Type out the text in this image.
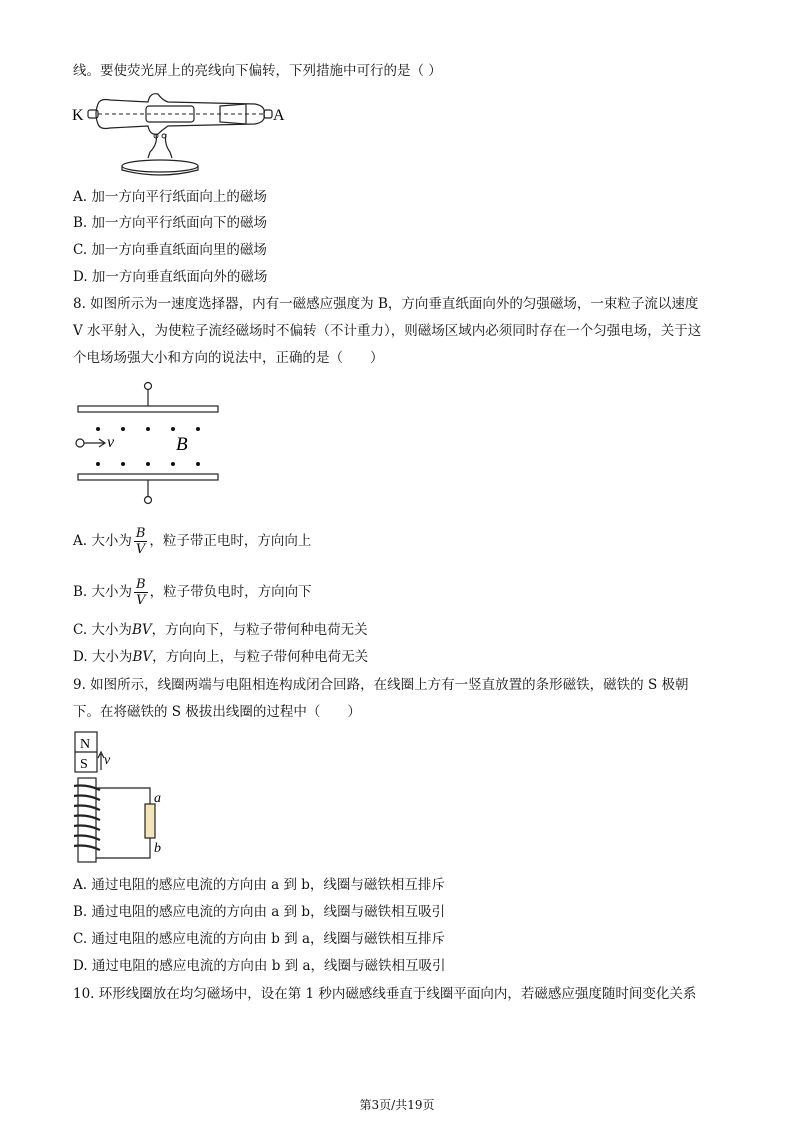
线。要使荧光屏上的亮线向下偏转，下列措施中可行的是（ ）
K	A
A. 加一方向平行纸面向上的磁场
B. 加一方向平行纸面向下的磁场
C. 加一方向垂直纸面向里的磁场
D. 加一方向垂直纸面向外的磁场
8. 如图所示为一速度选择器，内有一磁感应强度为 B，方向垂直纸面向外的匀强磁场，一束粒子流以速度
V 水平射入，为使粒子流经磁场时不偏转（不计重力），则磁场区域内必须同时存在一个匀强电场，关于这
个电场场强大小和方向的说法中，正确的是（　　）
v	B
A. 大小为 $\frac{B}{V}$ ，粒子带正电时，方向向上
B. 大小为 $\frac{B}{V}$ ，粒子带负电时，方向向下
C. 大小为BV，方向向下，与粒子带何种电荷无关
D. 大小为BV，方向向上，与粒子带何种电荷无关
9. 如图所示，线圈两端与电阻相连构成闭合回路，在线圈上方有一竖直放置的条形磁铁，磁铁的 S 极朝
下。在将磁铁的 S 极拔出线圈的过程中（　　）
N
S v
a
b
A. 通过电阻的感应电流的方向由 a 到 b，线圈与磁铁相互排斥
B. 通过电阻的感应电流的方向由 a 到 b，线圈与磁铁相互吸引
C. 通过电阻的感应电流的方向由 b 到 a，线圈与磁铁相互排斥
D. 通过电阻的感应电流的方向由 b 到 a，线圈与磁铁相互吸引
10. 环形线圈放在均匀磁场中，设在第 1 秒内磁感线垂直于线圈平面向内，若磁感应强度随时间变化关系
第3页/共19页
